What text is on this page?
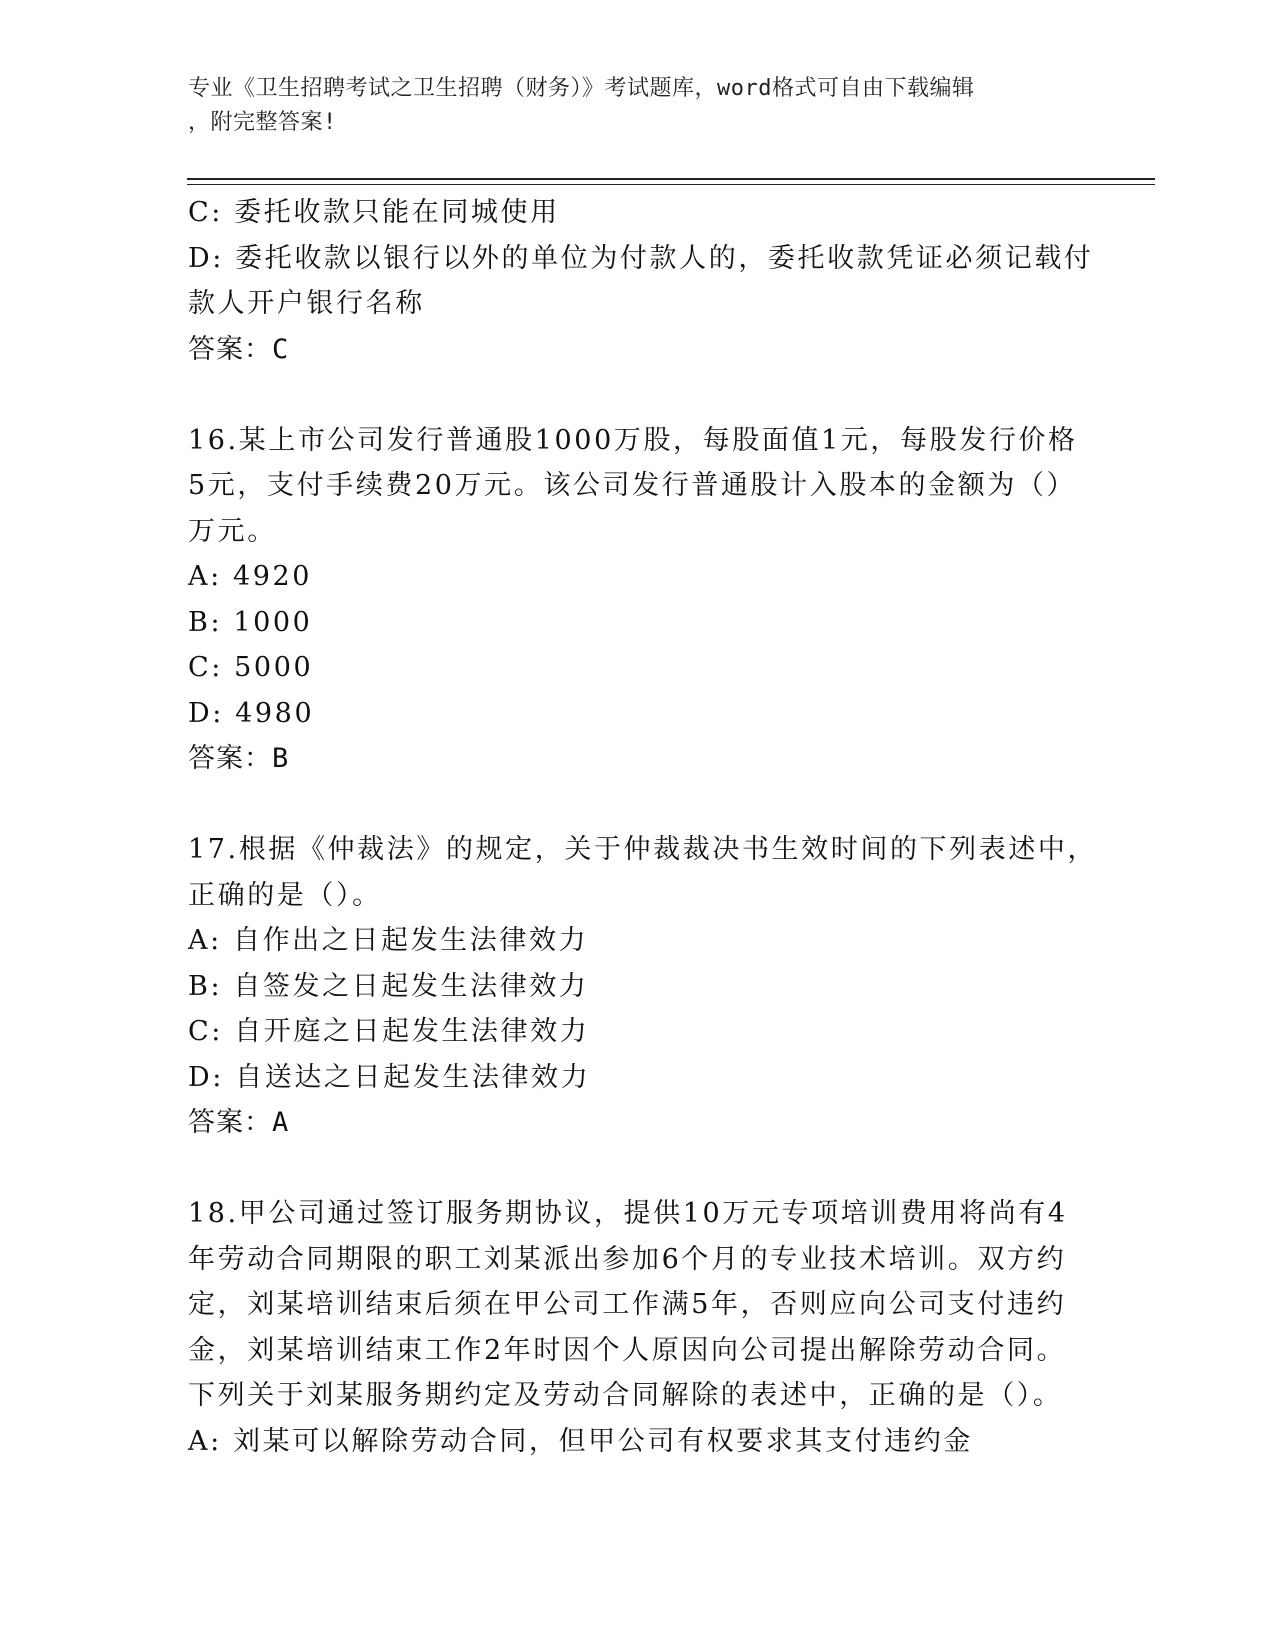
专业《卫生招聘考试之卫生招聘（财务）》考试题库，word格式可自由下载编辑
，附完整答案!
C: 委托收款只能在同城使用
D: 委托收款以银行以外的单位为付款人的，委托收款凭证必须记载付
款人开户银行名称
答案：C
16.某上市公司发行普通股1000万股，每股面值1元，每股发行价格
5元，支付手续费20万元。该公司发行普通股计入股本的金额为（）
万元。
A: 4920
B: 1000
C: 5000
D: 4980
答案：B
17.根据《仲裁法》的规定，关于仲裁裁决书生效时间的下列表述中，
正确的是（）。
A: 自作出之日起发生法律效力
B: 自签发之日起发生法律效力
C: 自开庭之日起发生法律效力
D: 自送达之日起发生法律效力
答案：A
18.甲公司通过签订服务期协议，提供10万元专项培训费用将尚有4
年劳动合同期限的职工刘某派出参加6个月的专业技术培训。双方约
定，刘某培训结束后须在甲公司工作满5年，否则应向公司支付违约
金，刘某培训结束工作2年时因个人原因向公司提出解除劳动合同。
下列关于刘某服务期约定及劳动合同解除的表述中，正确的是（）。
A: 刘某可以解除劳动合同，但甲公司有权要求其支付违约金
